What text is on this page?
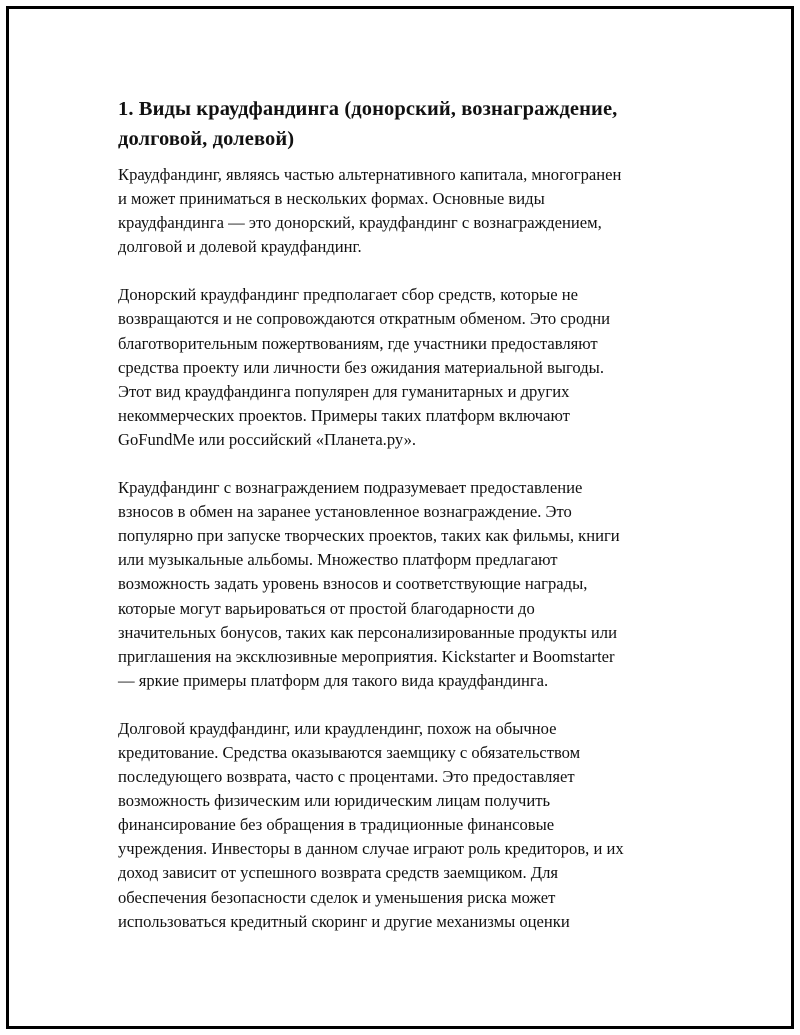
1. Виды краудфандинга (донорский, вознаграждение,
долговой, долевой)

Краудфандинг, являясь частью альтернативного капитала, многогранен
и может приниматься в нескольких формах. Основные виды
краудфандинга — это донорский, краудфандинг с вознаграждением,
долговой и долевой краудфандинг.

Донорский краудфандинг предполагает сбор средств, которые не
возвращаются и не сопровождаются откратным обменом. Это сродни
благотворительным пожертвованиям, где участники предоставляют
средства проекту или личности без ожидания материальной выгоды.
Этот вид краудфандинга популярен для гуманитарных и других
некоммерческих проектов. Примеры таких платформ включают
GoFundMe или российский «Планета.ру».

Краудфандинг с вознаграждением подразумевает предоставление
взносов в обмен на заранее установленное вознаграждение. Это
популярно при запуске творческих проектов, таких как фильмы, книги
или музыкальные альбомы. Множество платформ предлагают
возможность задать уровень взносов и соответствующие награды,
которые могут варьироваться от простой благодарности до
значительных бонусов, таких как персонализированные продукты или
приглашения на эксклюзивные мероприятия. Kickstarter и Boomstarter
— яркие примеры платформ для такого вида краудфандинга.

Долговой краудфандинг, или краудлендинг, похож на обычное
кредитование. Средства оказываются заемщику с обязательством
последующего возврата, часто с процентами. Это предоставляет
возможность физическим или юридическим лицам получить
финансирование без обращения в традиционные финансовые
учреждения. Инвесторы в данном случае играют роль кредиторов, и их
доход зависит от успешного возврата средств заемщиком. Для
обеспечения безопасности сделок и уменьшения риска может
использоваться кредитный скоринг и другие механизмы оценки
